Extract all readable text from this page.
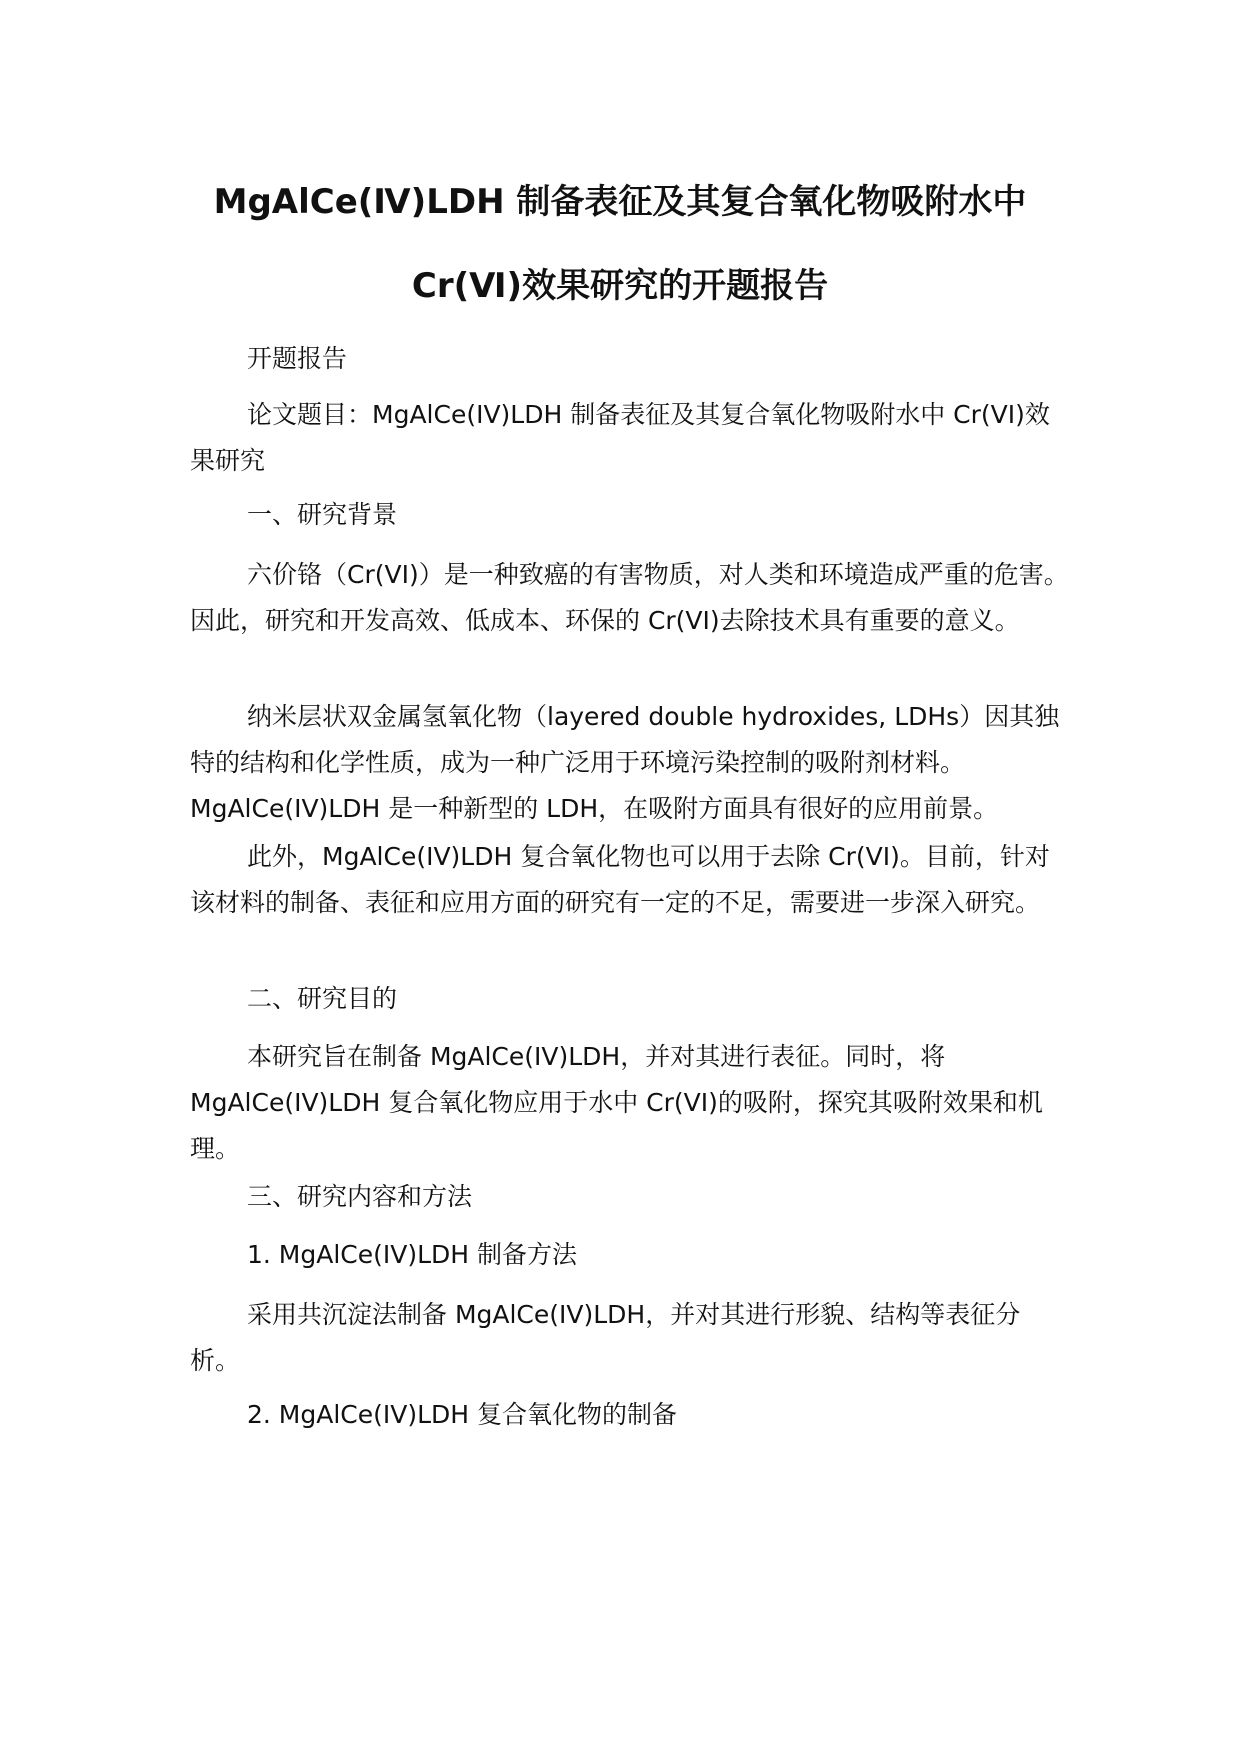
MgAlCe(Ⅳ)LDH 制备表征及其复合氧化物吸附水中
Cr(Ⅵ)效果研究的开题报告

开题报告

论文题目：MgAlCe(IV)LDH 制备表征及其复合氧化物吸附水中 Cr(VI)效果研究

一、研究背景

六价铬（Cr(VI)）是一种致癌的有害物质，对人类和环境造成严重的危害。因此，研究和开发高效、低成本、环保的 Cr(VI)去除技术具有重要的意义。

纳米层状双金属氢氧化物（layered double hydroxides, LDHs）因其独特的结构和化学性质，成为一种广泛用于环境污染控制的吸附剂材料。MgAlCe(IV)LDH 是一种新型的 LDH，在吸附方面具有很好的应用前景。

此外，MgAlCe(IV)LDH 复合氧化物也可以用于去除 Cr(VI)。目前，针对该材料的制备、表征和应用方面的研究有一定的不足，需要进一步深入研究。

二、研究目的

本研究旨在制备 MgAlCe(IV)LDH，并对其进行表征。同时，将 MgAlCe(IV)LDH 复合氧化物应用于水中 Cr(VI)的吸附，探究其吸附效果和机理。

三、研究内容和方法

1. MgAlCe(IV)LDH 制备方法

采用共沉淀法制备 MgAlCe(IV)LDH，并对其进行形貌、结构等表征分析。

2. MgAlCe(IV)LDH 复合氧化物的制备
